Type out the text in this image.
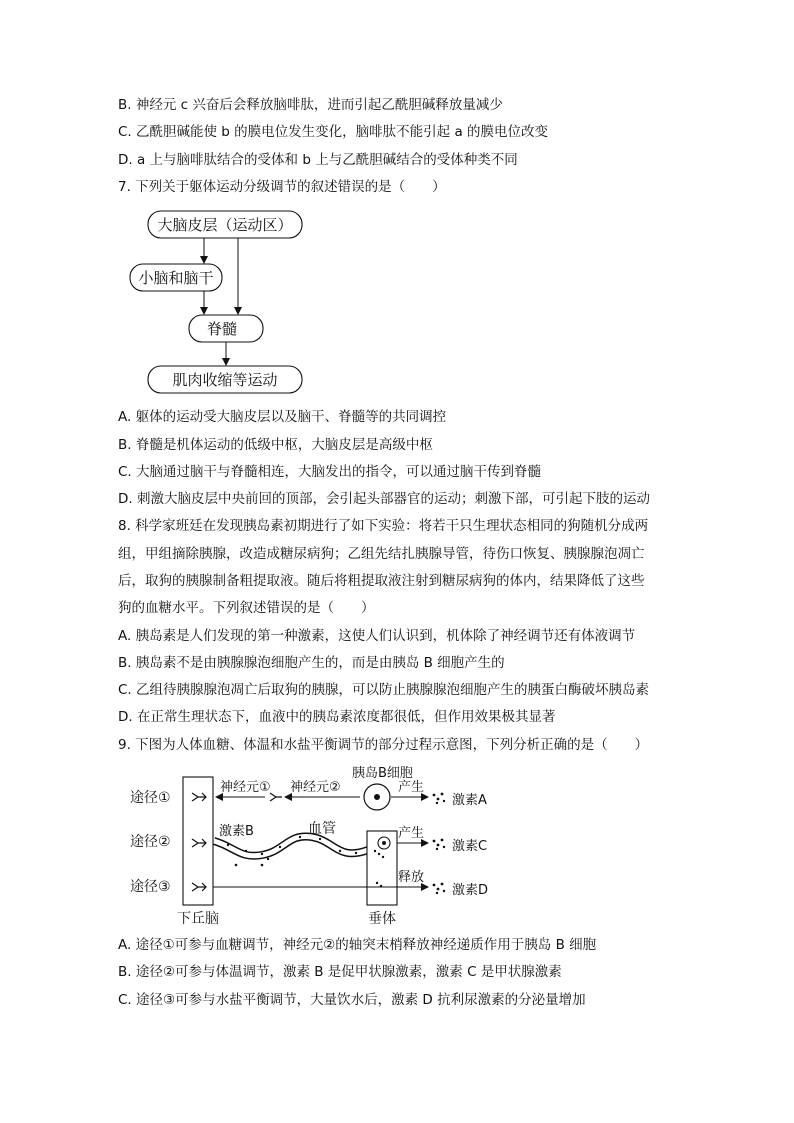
B. 神经元 c 兴奋后会释放脑啡肽，进而引起乙酰胆碱释放量减少
C. 乙酰胆碱能使 b 的膜电位发生变化，脑啡肽不能引起 a 的膜电位改变
D. a 上与脑啡肽结合的受体和 b 上与乙酰胆碱结合的受体种类不同
7. 下列关于躯体运动分级调节的叙述错误的是（　　）
大脑皮层（运动区）
小脑和脑干
脊髓
肌肉收缩等运动
A. 躯体的运动受大脑皮层以及脑干、脊髓等的共同调控
B. 脊髓是机体运动的低级中枢，大脑皮层是高级中枢
C. 大脑通过脑干与脊髓相连，大脑发出的指令，可以通过脑干传到脊髓
D. 刺激大脑皮层中央前回的顶部，会引起头部器官的运动；刺激下部，可引起下肢的运动
8. 科学家班廷在发现胰岛素初期进行了如下实验：将若干只生理状态相同的狗随机分成两
组，甲组摘除胰腺，改造成糖尿病狗；乙组先结扎胰腺导管，待伤口恢复、胰腺腺泡凋亡
后，取狗的胰腺制备粗提取液。随后将粗提取液注射到糖尿病狗的体内，结果降低了这些
狗的血糖水平。下列叙述错误的是（　　）
A. 胰岛素是人们发现的第一种激素，这使人们认识到，机体除了神经调节还有体液调节
B. 胰岛素不是由胰腺腺泡细胞产生的，而是由胰岛 B 细胞产生的
C. 乙组待胰腺腺泡凋亡后取狗的胰腺，可以防止胰腺腺泡细胞产生的胰蛋白酶破坏胰岛素
D. 在正常生理状态下，血液中的胰岛素浓度都很低，但作用效果极其显著
9. 下图为人体血糖、体温和水盐平衡调节的部分过程示意图，下列分析正确的是（　　）
途径①
途径②
途径③
下丘脑
神经元① 神经元②
胰岛B细胞
产生
激素A
激素B	血管
垂体
产生
激素C
释放
激素D
A. 途径①可参与血糖调节，神经元②的轴突末梢释放神经递质作用于胰岛 B 细胞
B. 途径②可参与体温调节，激素 B 是促甲状腺激素，激素 C 是甲状腺激素
C. 途径③可参与水盐平衡调节，大量饮水后，激素 D 抗利尿激素的分泌量增加
